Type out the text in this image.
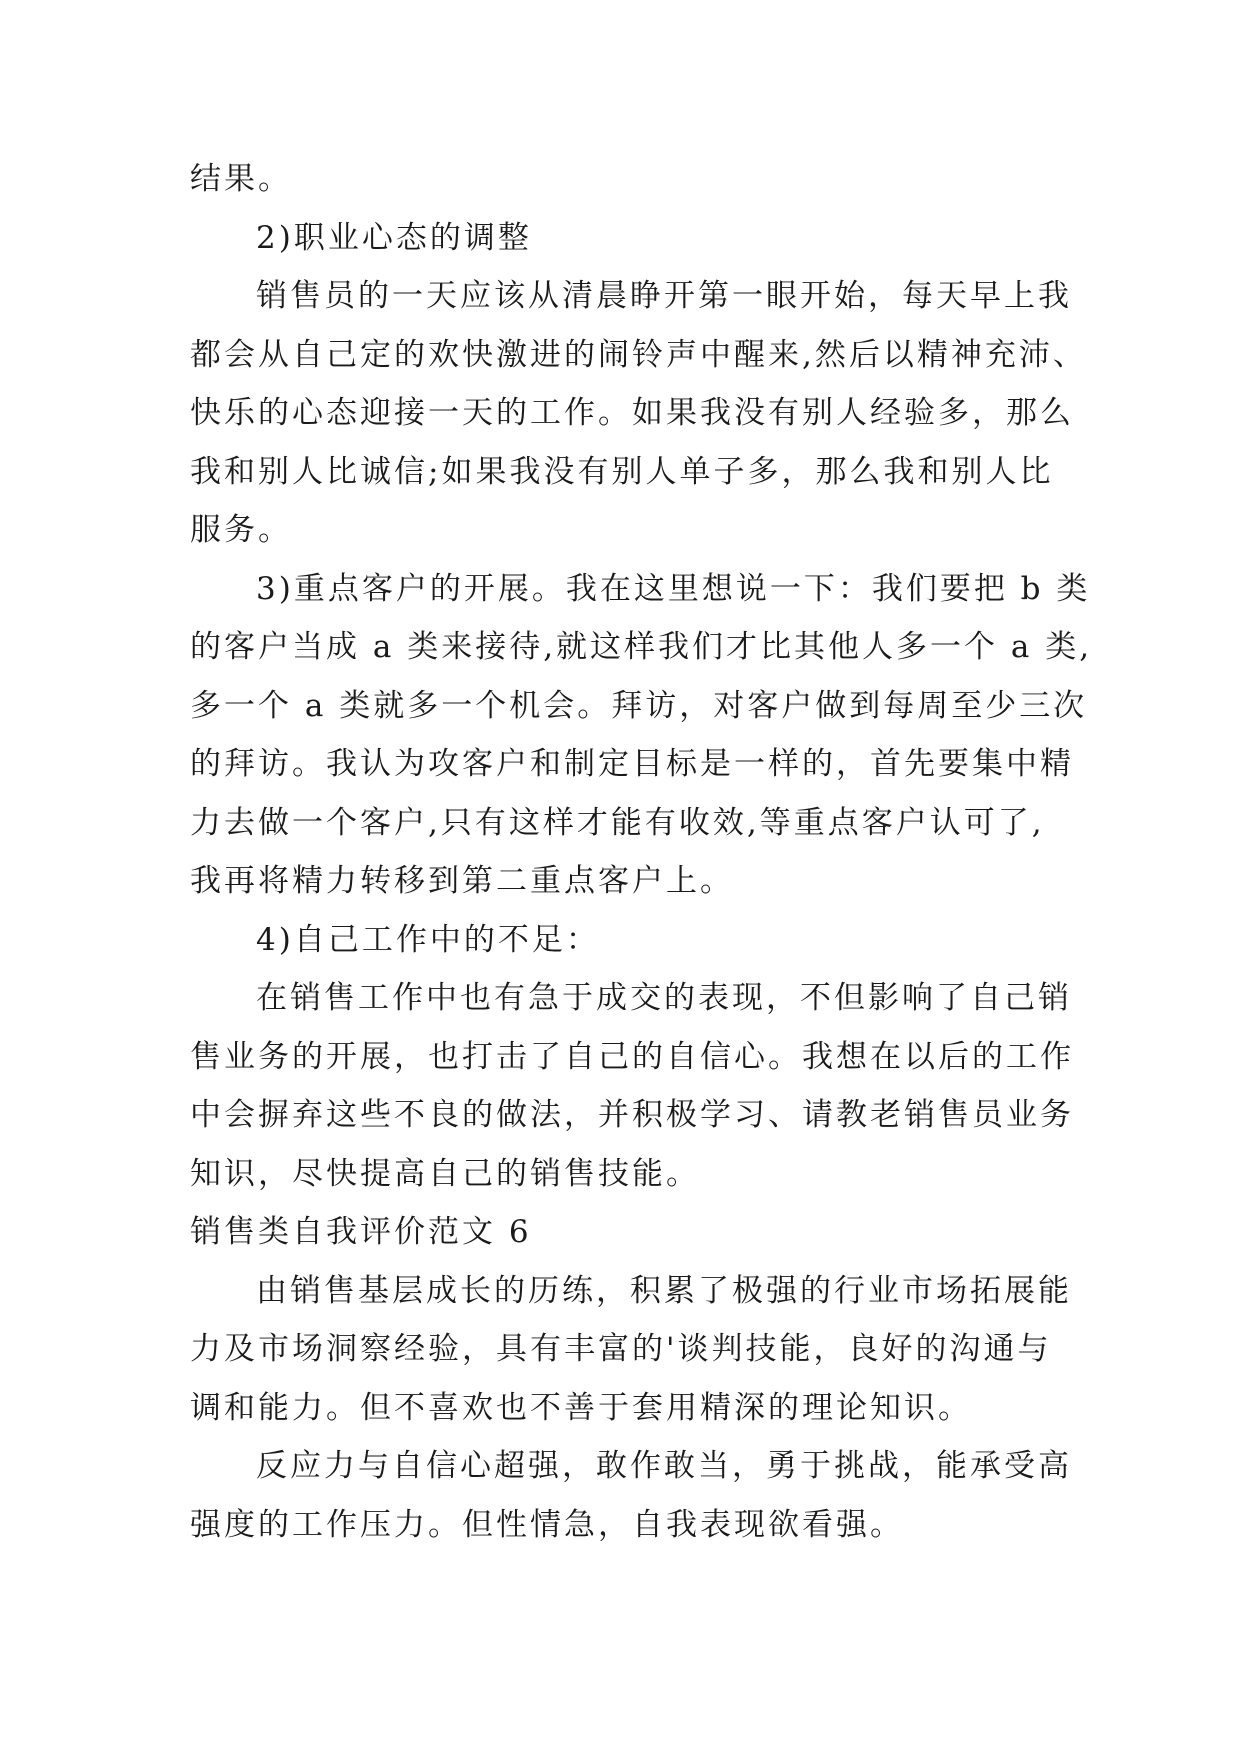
结果。
2)职业心态的调整
销售员的一天应该从清晨睁开第一眼开始，每天早上我
都会从自己定的欢快激进的闹铃声中醒来,然后以精神充沛、
快乐的心态迎接一天的工作。如果我没有别人经验多，那么
我和别人比诚信;如果我没有别人单子多，那么我和别人比
服务。
3)重点客户的开展。我在这里想说一下：我们要把 b 类
的客户当成 a 类来接待,就这样我们才比其他人多一个 a 类,
多一个 a 类就多一个机会。拜访，对客户做到每周至少三次
的拜访。我认为攻客户和制定目标是一样的，首先要集中精
力去做一个客户,只有这样才能有收效,等重点客户认可了,
我再将精力转移到第二重点客户上。
4)自己工作中的不足：
在销售工作中也有急于成交的表现，不但影响了自己销
售业务的开展，也打击了自己的自信心。我想在以后的工作
中会摒弃这些不良的做法，并积极学习、请教老销售员业务
知识，尽快提高自己的销售技能。
销售类自我评价范文 6
由销售基层成长的历练，积累了极强的行业市场拓展能
力及市场洞察经验，具有丰富的'谈判技能，良好的沟通与
调和能力。但不喜欢也不善于套用精深的理论知识。
反应力与自信心超强，敢作敢当，勇于挑战，能承受高
强度的工作压力。但性情急，自我表现欲看强。
